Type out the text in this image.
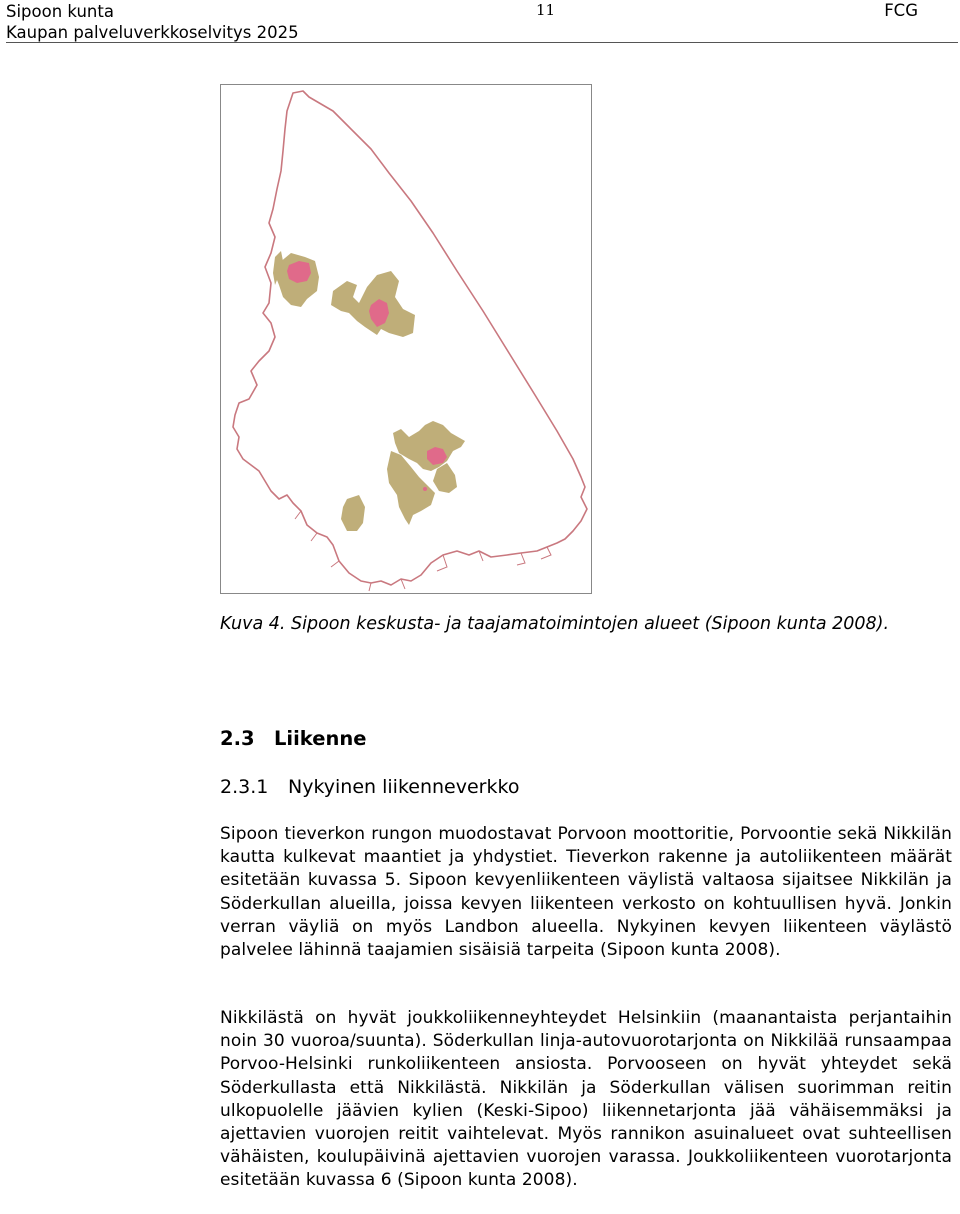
Sipoon kunta
Kaupan palveluverkkoselvitys 2025
11	FCG
Kuva 4. Sipoon keskusta- ja taajamatoimintojen alueet (Sipoon kunta 2008).
2.3 Liikenne
2.3.1 Nykyinen liikenneverkko
Sipoon tieverkon rungon muodostavat Porvoon moottoritie, Porvoontie sekä Nikkilän kautta kulkevat maantiet ja yhdystiet. Tieverkon rakenne ja autoliikenteen määrät esitetään kuvassa 5. Sipoon kevyenliikenteen väylistä valtaosa sijaitsee Nikkilän ja Söderkullan alueilla, joissa kevyen liikenteen verkosto on kohtuullisen hyvä. Jonkin verran väyliä on myös Landbon alueella. Nykyinen kevyen liikenteen väylästö palvelee lähinnä taajamien sisäisiä tarpeita (Sipoon kunta 2008).
Nikkilästä on hyvät joukkoliikenneyhteydet Helsinkiin (maanantaista perjantaihin noin 30 vuoroa/suunta). Söderkullan linja-autovuorotarjonta on Nikkilää runsaampaa Porvoo-Helsinki runkoliikenteen ansiosta. Porvooseen on hyvät yhteydet sekä Söderkullasta että Nikkilästä. Nikkilän ja Söderkullan välisen suorimman reitin ulkopuolelle jäävien kylien (Keski-Sipoo) liikennetarjonta jää vähäisemmäksi ja ajettavien vuorojen reitit vaihtelevat. Myös rannikon asuinalueet ovat suhteellisen vähäisten, koulupäivinä ajettavien vuorojen varassa. Joukkoliikenteen vuorotarjonta esitetään kuvassa 6 (Sipoon kunta 2008).
